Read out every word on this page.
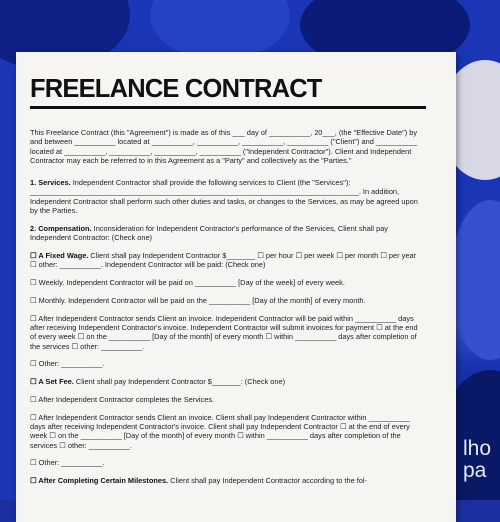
FREELANCE CONTRACT

This Freelance Contract (this "Agreement") is made as of this ___ day of __________, 20___, (the "Effective Date") by and between __________ located at __________, __________, __________, __________ ("Client") and __________ located at __________, __________, __________, __________ ("Independent Contractor"). Client and Independent Contractor may each be referred to in this Agreement as a "Party" and collectively as the "Parties."

1. Services. Independent Contractor shall provide the following services to Client (the "Services"): ________________________________________________________________________________. In addition, Independent Contractor shall perform such other duties and tasks, or changes to the Services, as may be agreed upon by the Parties.

2. Compensation. Inconsideration for Independent Contractor's performance of the Services, Client shall pay Independent Contractor: (Check one)

☐ A Fixed Wage. Client shall pay Independent Contractor $_______ ☐ per hour ☐ per week ☐ per month ☐ per year ☐ other: __________. Independent Contractor will be paid: (Check one)

☐ Weekly. Independent Contractor will be paid on __________ [Day of the week] of every week.

☐ Monthly. Independent Contractor will be paid on the __________ [Day of the month] of every month.

☐ After Independent Contractor sends Client an invoice. Independent Contractor will be paid within __________ days after receiving Independent Contractor's invoice. Independent Contractor will submit invoices for payment ☐ at the end of every week ☐ on the __________ [Day of the month] of every month ☐ within __________ days after completion of the services ☐ other: __________.

☐ Other: __________.

☐ A Set Fee. Client shall pay Independent Contractor $_______: (Check one)

☐ After Independent Contractor completes the Services.

☐ After Independent Contractor sends Client an invoice. Client shall pay Independent Contractor within __________ days after receiving Independent Contractor's invoice. Client shall pay Independent Contractor ☐ at the end of every week ☐ on the __________ [Day of the month] of every month ☐ within __________ days after completion of the services ☐ other: __________.

☐ Other: __________.

☐ After Completing Certain Milestones. Client shall pay Independent Contractor according to the fol-

lho
pa
